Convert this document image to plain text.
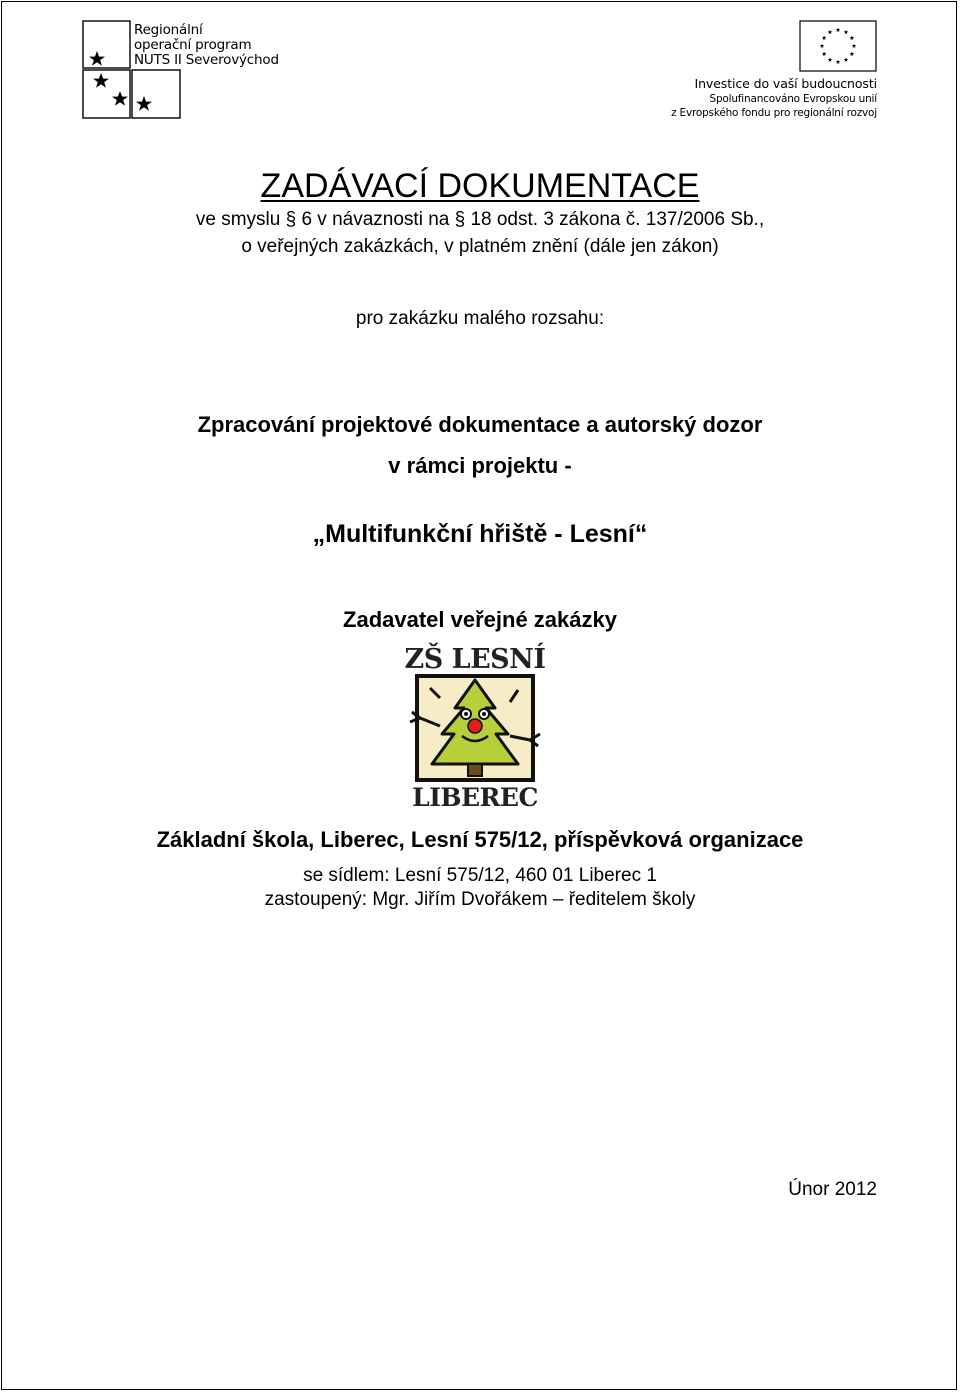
Regionální
operační program
NUTS II Severovýchod
Investice do vaší budoucnosti
Spolufinancováno Evropskou unií
z Evropského fondu pro regionální rozvoj
ZADÁVACÍ DOKUMENTACE
ve smyslu § 6 v návaznosti na § 18 odst. 3 zákona č. 137/2006 Sb.,
o veřejných zakázkách, v platném znění (dále jen zákon)
pro zakázku malého rozsahu:
Zpracování projektové dokumentace a autorský dozor
v rámci projektu -
„Multifunkční hřiště - Lesní“
Zadavatel veřejné zakázky
ZŠ LESNÍ
LIBEREC
Základní škola, Liberec, Lesní 575/12, příspěvková organizace
se sídlem: Lesní 575/12, 460 01 Liberec 1
zastoupený: Mgr. Jiřím Dvořákem – ředitelem školy
Únor 2012
